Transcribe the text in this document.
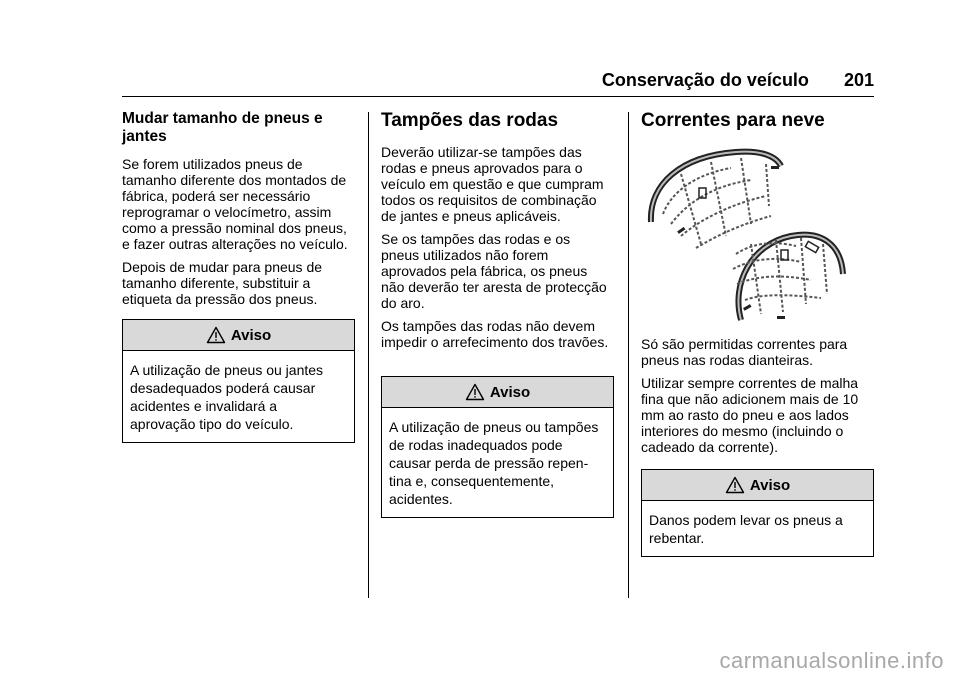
Conservação do veículo 201
Mudar tamanho de pneus e
jantes

Se forem utilizados pneus de
tamanho diferente dos montados de
fábrica, poderá ser necessário
reprogramar o velocímetro, assim
como a pressão nominal dos pneus,
e fazer outras alterações no veículo.

Depois de mudar para pneus de
tamanho diferente, substituir a
etiqueta da pressão dos pneus.

Aviso
A utilização de pneus ou jantes
desadequados poderá causar
acidentes e invalidará a
aprovação tipo do veículo.
Tampões das rodas

Deverão utilizar-se tampões das
rodas e pneus aprovados para o
veículo em questão e que cumpram
todos os requisitos de combinação
de jantes e pneus aplicáveis.

Se os tampões das rodas e os
pneus utilizados não forem
aprovados pela fábrica, os pneus
não deverão ter aresta de protecção
do aro.

Os tampões das rodas não devem
impedir o arrefecimento dos travões.

Aviso
A utilização de pneus ou tampões
de rodas inadequados pode
causar perda de pressão repen-
tina e, consequentemente,
acidentes.
Correntes para neve

Só são permitidas correntes para
pneus nas rodas dianteiras.

Utilizar sempre correntes de malha
fina que não adicionem mais de 10
mm ao rasto do pneu e aos lados
interiores do mesmo (incluindo o
cadeado da corrente).

Aviso
Danos podem levar os pneus a
rebentar.
carmanualsonline.info
